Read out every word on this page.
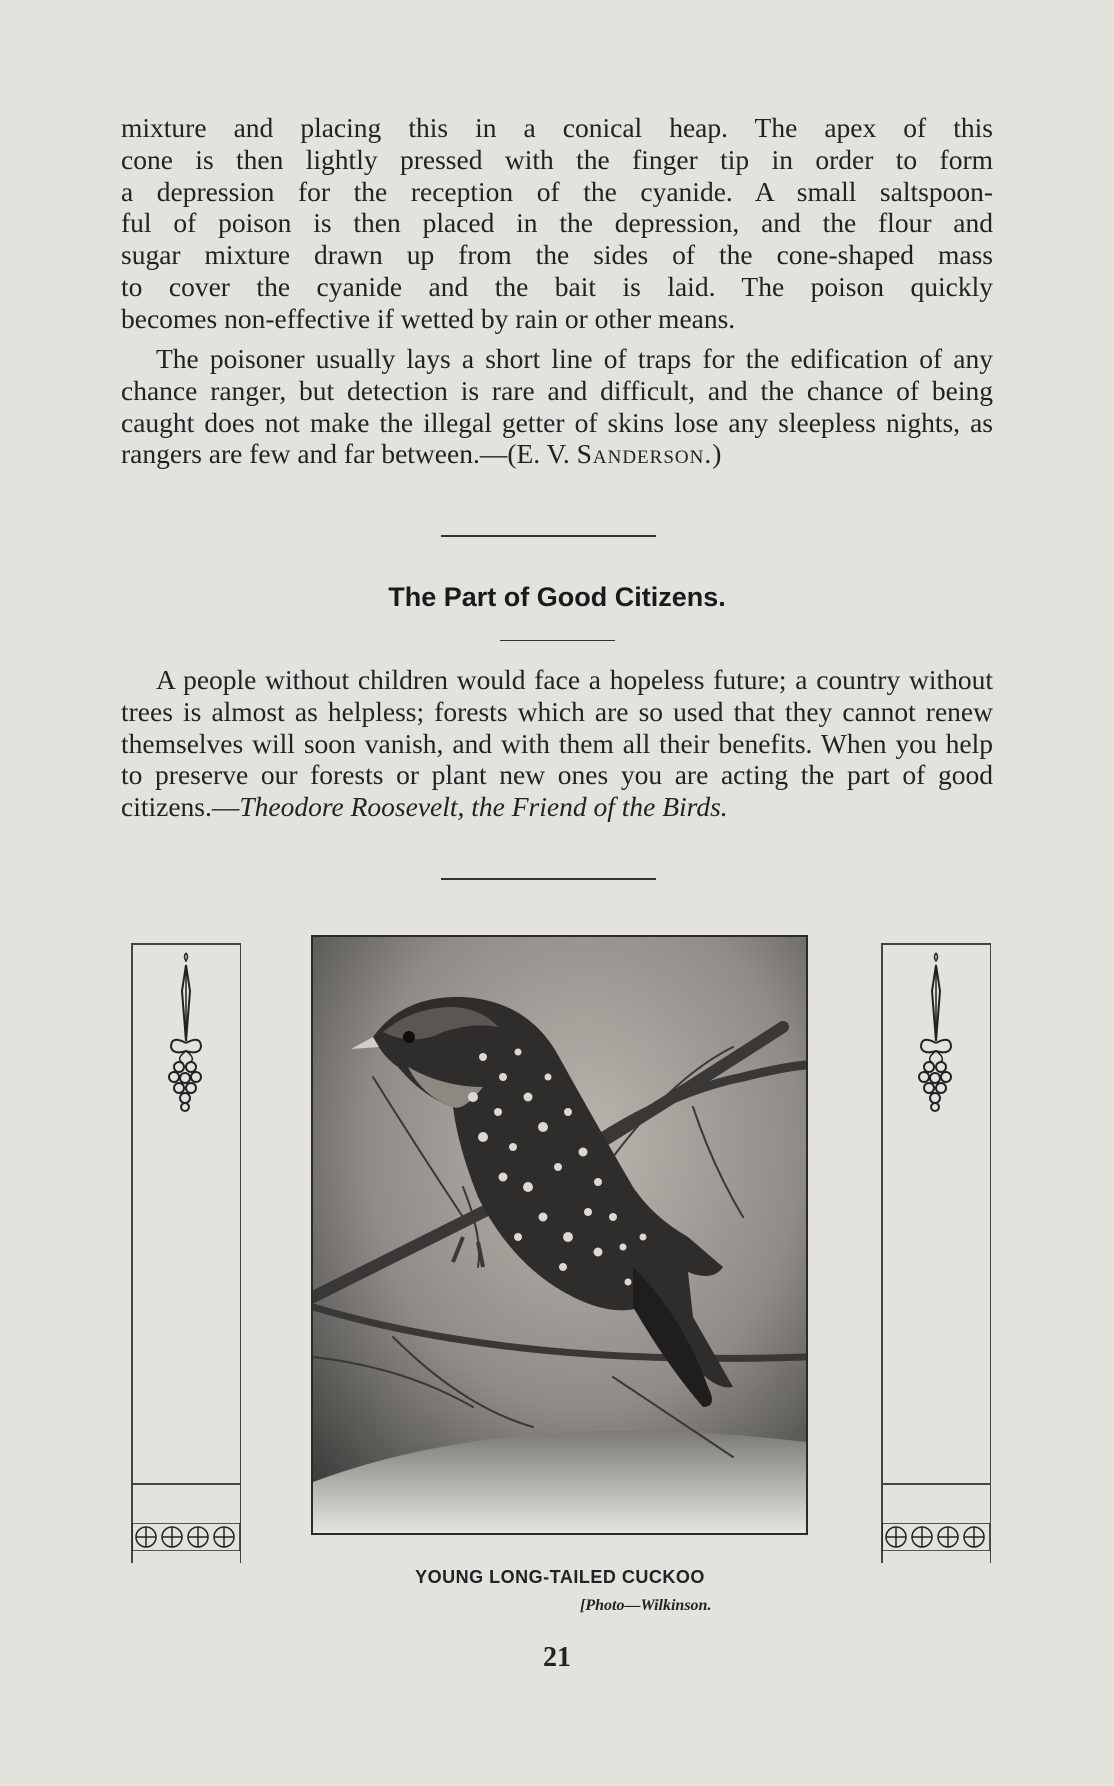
mixture and placing this in a conical heap. The apex of this

cone is then lightly pressed with the finger tip in order to form

a depression for the reception of the cyanide. A small saltspoon-

ful of poison is then placed in the depression, and the flour and

sugar mixture drawn up from the sides of the cone-shaped mass

to cover the cyanide and the bait is laid. The poison quickly

becomes non-effective if wetted by rain or other means.

The poisoner usually lays a short line of traps for the edification of any chance ranger, but detection is rare and difficult, and the chance of being caught does not make the illegal getter of skins lose any sleepless nights, as rangers are few and far between.—(E. V. Sanderson.)

The Part of Good Citizens.

A people without children would face a hopeless future; a country without trees is almost as helpless; forests which are so used that they cannot renew themselves will soon vanish, and with them all their benefits. When you help to preserve our forests or plant new ones you are acting the part of good citizens.—Theodore Roosevelt, the Friend of the Birds.

YOUNG LONG-TAILED CUCKOO
[Photo—Wilkinson.
21
